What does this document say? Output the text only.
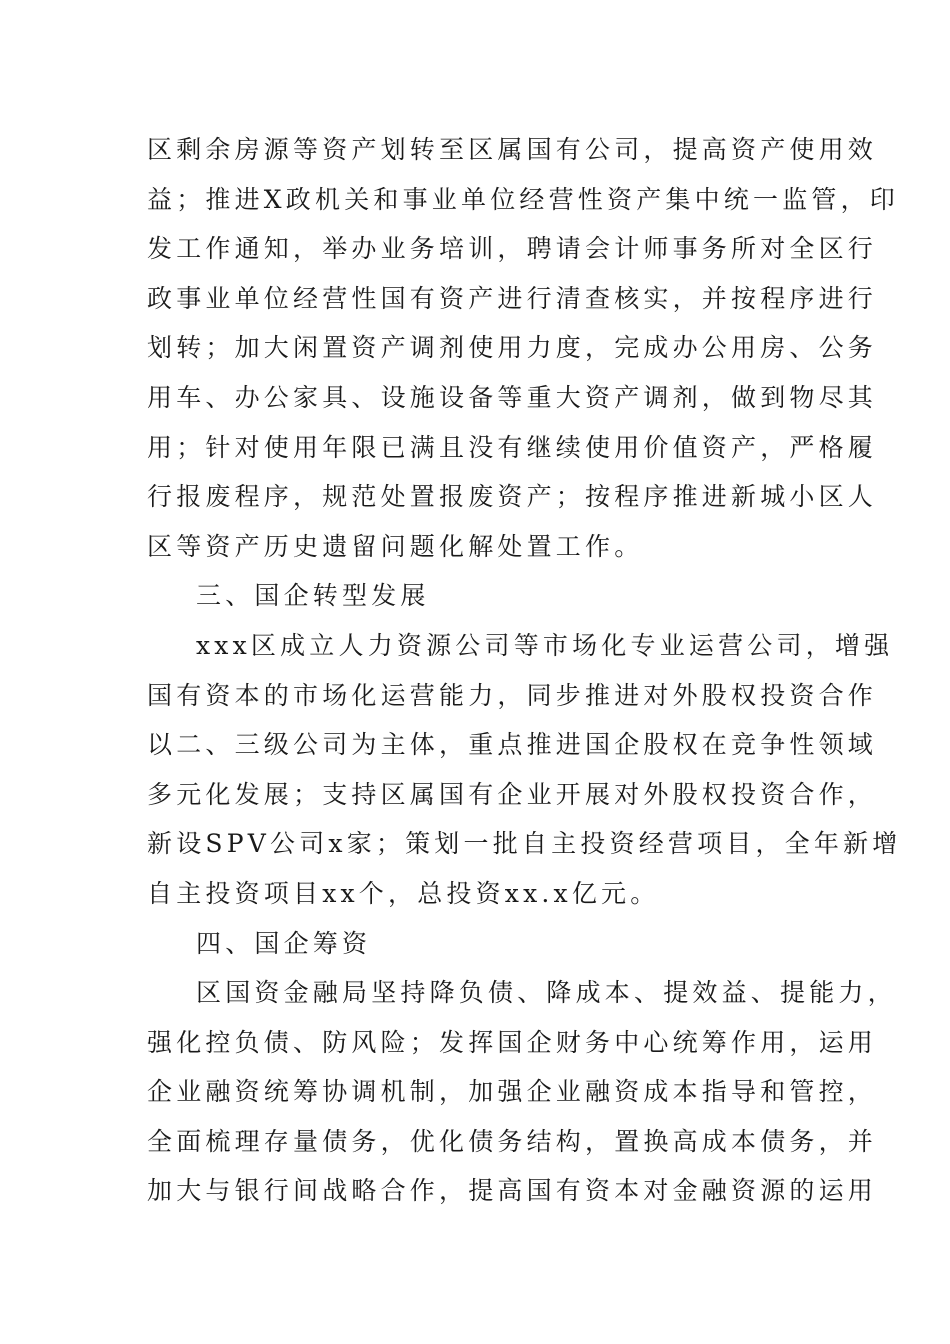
区剩余房源等资产划转至区属国有公司，提高资产使用效
益；推进X政机关和事业单位经营性资产集中统一监管，印
发工作通知，举办业务培训，聘请会计师事务所对全区行
政事业单位经营性国有资产进行清查核实，并按程序进行
划转；加大闲置资产调剂使用力度，完成办公用房、公务
用车、办公家具、设施设备等重大资产调剂，做到物尽其
用；针对使用年限已满且没有继续使用价值资产，严格履
行报废程序，规范处置报废资产；按程序推进新城小区人
区等资产历史遗留问题化解处置工作。
三、国企转型发展
xxx区成立人力资源公司等市场化专业运营公司，增强
国有资本的市场化运营能力，同步推进对外股权投资合作
以二、三级公司为主体，重点推进国企股权在竞争性领域
多元化发展；支持区属国有企业开展对外股权投资合作，
新设SPV公司x家；策划一批自主投资经营项目，全年新增
自主投资项目xx个，总投资xx.x亿元。
四、国企筹资
区国资金融局坚持降负债、降成本、提效益、提能力，
强化控负债、防风险；发挥国企财务中心统筹作用，运用
企业融资统筹协调机制，加强企业融资成本指导和管控，
全面梳理存量债务，优化债务结构，置换高成本债务，并
加大与银行间战略合作，提高国有资本对金融资源的运用
